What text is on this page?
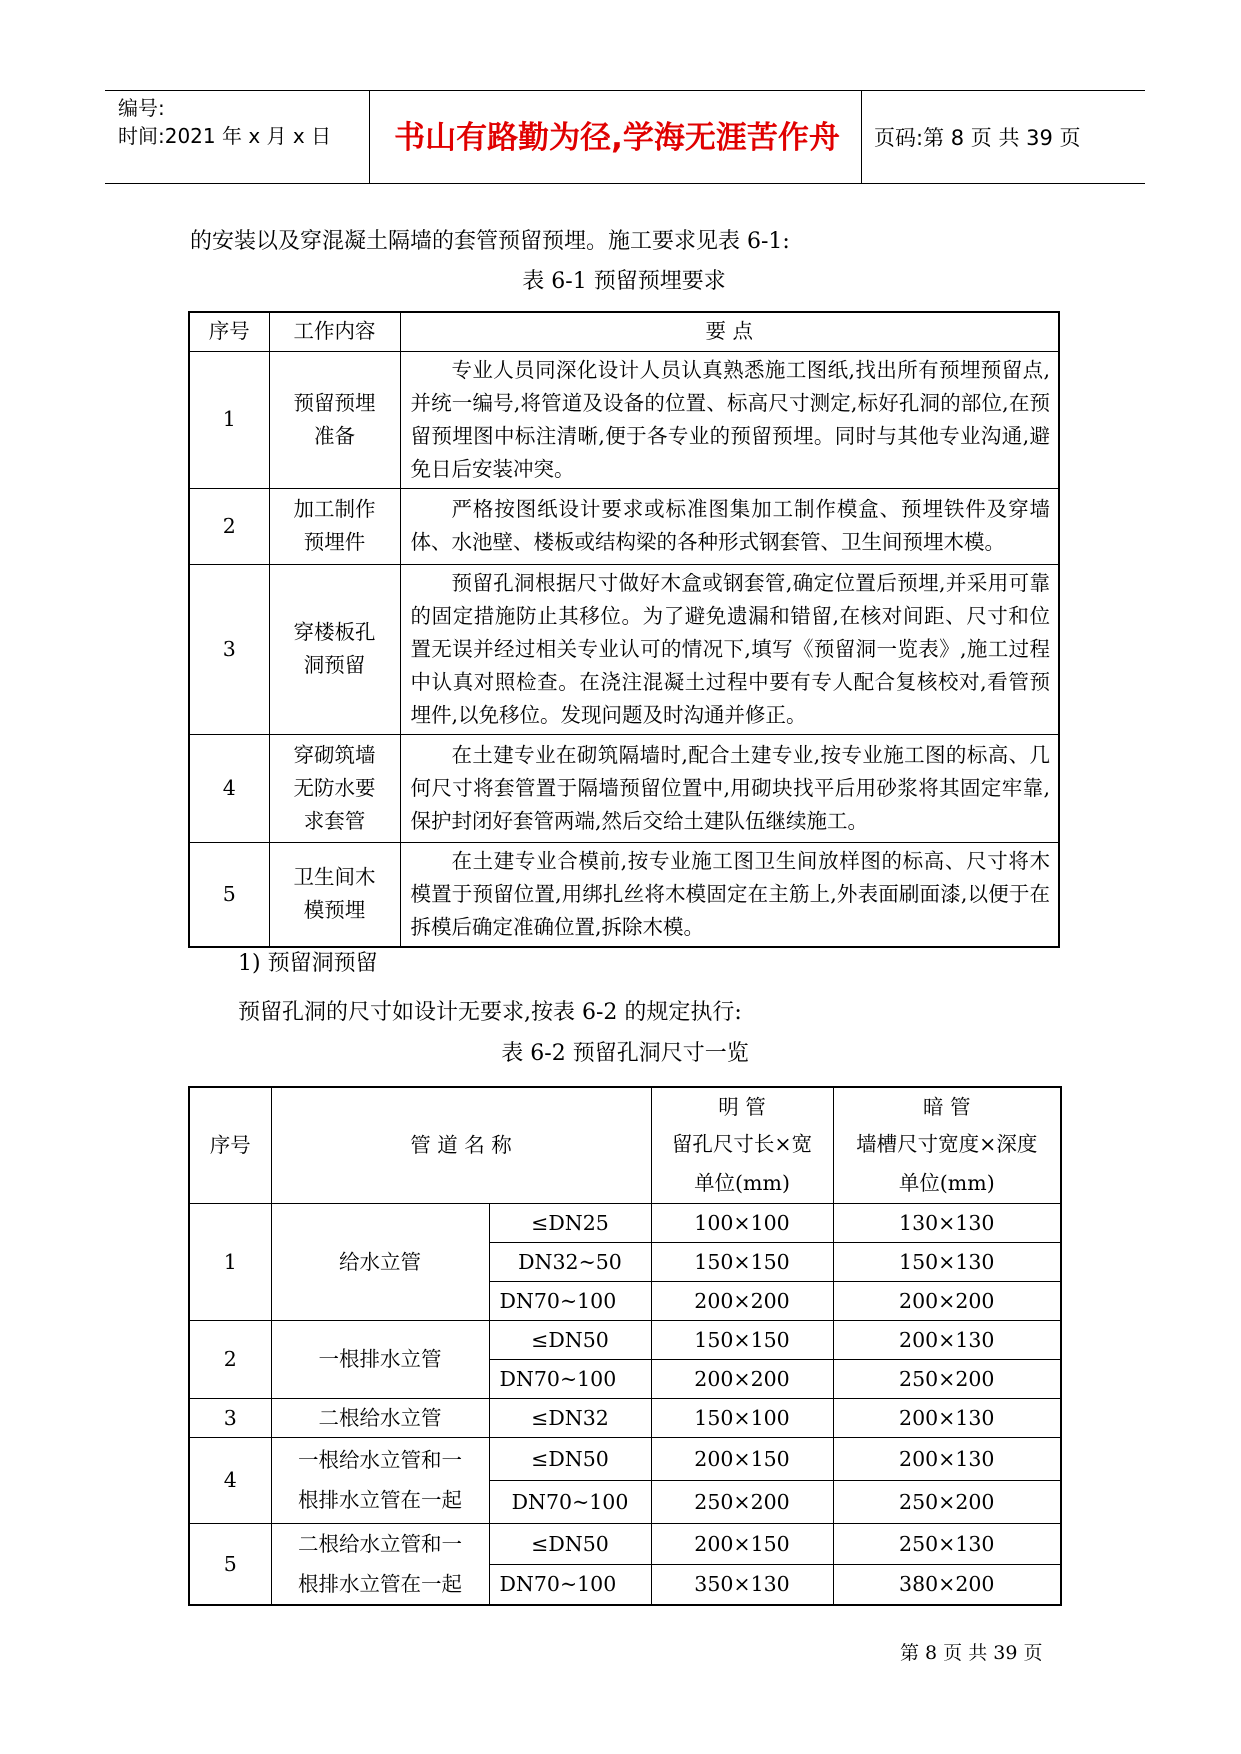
编号:
时间:2021 年 x 月 x 日	书山有路勤为径,学海无涯苦作舟	页码:第 8 页 共 39 页
的安装以及穿混凝土隔墙的套管预留预埋。施工要求见表 6-1:
表 6-1 预留预埋要求
序号	工作内容	要 点
1	预留预埋准备	专业人员同深化设计人员认真熟悉施工图纸,找出所有预埋预留点,并统一编号,将管道及设备的位置、标高尺寸测定,标好孔洞的部位,在预留预埋图中标注清晰,便于各专业的预留预埋。同时与其他专业沟通,避免日后安装冲突。
2	加工制作预埋件	严格按图纸设计要求或标准图集加工制作模盒、预埋铁件及穿墙体、水池壁、楼板或结构梁的各种形式钢套管、卫生间预埋木模。
3	穿楼板孔洞预留	预留孔洞根据尺寸做好木盒或钢套管,确定位置后预埋,并采用可靠的固定措施防止其移位。为了避免遗漏和错留,在核对间距、尺寸和位置无误并经过相关专业认可的情况下,填写《预留洞一览表》,施工过程中认真对照检查。在浇注混凝土过程中要有专人配合复核校对,看管预埋件,以免移位。发现问题及时沟通并修正。
4	穿砌筑墙无防水要求套管	在土建专业在砌筑隔墙时,配合土建专业,按专业施工图的标高、几何尺寸将套管置于隔墙预留位置中,用砌块找平后用砂浆将其固定牢靠,保护封闭好套管两端,然后交给土建队伍继续施工。
5	卫生间木模预埋	在土建专业合模前,按专业施工图卫生间放样图的标高、尺寸将木模置于预留位置,用绑扎丝将木模固定在主筋上,外表面刷面漆,以便于在拆模后确定准确位置,拆除木模。
1) 预留洞预留
预留孔洞的尺寸如设计无要求,按表 6-2 的规定执行:
表 6-2 预留孔洞尺寸一览
序号	管 道 名 称		明 管	暗 管
			留孔尺寸长×宽	墙槽尺寸宽度×深度
			单位(mm)	单位(mm)
1	给水立管	≤DN25	100×100	130×130
		DN32~50	150×150	150×130
		DN70~100	200×200	200×200
2	一根排水立管	≤DN50	150×150	200×130
		DN70~100	200×200	250×200
3	二根给水立管	≤DN32	150×100	200×130
4	一根给水立管和一根排水立管在一起	≤DN50	200×150	200×130
		DN70~100	250×200	250×200
5	二根给水立管和一根排水立管在一起	≤DN50	200×150	250×130
		DN70~100	350×130	380×200
第 8 页 共 39 页
